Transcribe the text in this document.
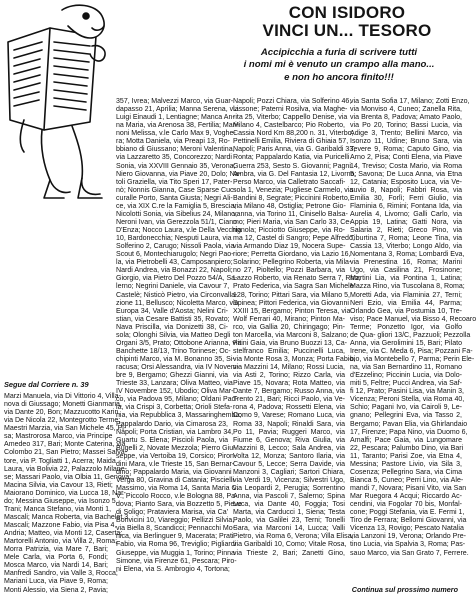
CON ISIDORO
VINCI UN... TESORO

Accipicchia a furia di scrivere tutti
i nomi mi è venuto un crampo alla mano...
e non ho ancora finito!!!

Segue dal Corriere n. 39

Marzi Manuela, via Di Vittorio 4, Villa-
nova di Giussago; Monetti Gianmaria,
via Dante 20, Bon; Mazzucotto Karin,
via De Nicola 22, Montegrotto Terme;
Maestri Marzia, via San Michele 45, Pi-
sa; Mastrorosa Marco, via Principe
Amedeo 317, Bari; Monte Caterina, via
Colombo 21, San Pietro; Massei Salva-
tore, via P. Togliatti 1, Acerra; Maida
Laura, via Bolivia 22, Palazzolo Milane-
se; Massari Paolo, via Olbia 11, Genova;
Macina Silvia, via Cavour 13, Rieti;
Maiorano Dominico, via Lucca 18, Nar-
do; Messina Giuseppe, via Isonzo 5,
Trani; Manca Stefano, via Monti 1,
Mascali; Manca Roberta, via Bachelet 3,
Mascali; Mazzone Fabio, via Pisa 4,
Andria; Matteo, via Monti 12, Caserta;
Martorelli Antonio, via Villa 2, Roma;
Morra Patrizia, via Mare 7, Bari;
Mele Carla, via Porta 6, Fondi;
Mosca Marco, via Nardi 14, Bari;
Manfredi Sandro, via Valle 3, Rocca;
Mariani Luca, via Piave 9, Roma;
Monti Alessio, via Siena 2, Pavia;
357, Ivrea; Malvezzi Marco, via Guar-
dapasso 21, Aprilia; Manna Serena, via
Luigi Einaudi 1, Lentiagne; Manca An-
na Maria, via Arenosa 38, Fertilia; Mari-
noni Melissa, v.le Carlo Max 9, Voghe-
ra; Motta Daniela, via Preapi 13, Ro-
bbiano di Giussano; Meroni Valentina,
via Lazzaretto 35, Concorezzo; Nardi
Sonia, via XXVIII Gennaio 35, Verona;
Niero Giovanna, via Piave 20, Dolo; Na-
toli Graziella, via Tito Speri 17, Pater-
nò; Nonnis Gianna, Case Sparse Cuc-
curalle Porto, Santa Giusta; Negri Ali-
ce, via XIX C.re la Famiglia 5, Brescia;
Nicolotti Sonia, via Sibelius 24, Milano;
Neroni Ivan, via Gerezzola 51/1, Ciano
D'Enza; Nocco Laura, v.le Della Vecchia
10, Bardonecchia; Nesputi Laura, via
Solferino 2, Carugo; Nissoli Paola, via
Scout 6, Montechiarugolo; Negri Pao-
la, via Pietrobelli 43, Camposanpiero;
Nardi Andrea, via Bonazzi 22, Napoli;
Giorgio, via Pietro Del Pozzo 54/A, Sa-
lerno; Negrini Daniele, via Cavour 7,
Castelè; Nisticò Pietro, via Circonvalla-
zione 11, Bellusco; Nicoletta Marco, via
Europa 34, Valle d'Aosta; Nelini Cri-
stian, via Cesare Battisti 35, Rovato;
Nava Priscilla, via Donizetti 38, Ci-
sola; Olonghi Silvia, via Matteo Degli
Organi 3/5, Prato; Ottobone Arianna, via
Banchette 18/13, Trino Torinese; Oc-
chipinti Marco, via M. Bonanno 35, Si-
racusa; Orsi Alessandra, via IV Novem-
bre 9, Bergamo; Ghezzi Gianni, via
Trieste 33, Lanzara; Oliva Matteo, via
IV Novembre 152, Ubodio; Oliva Mar-
co, via Padova 95, Milano; Oldani Pao-
la, via Crispi 3, Corbetta; Orioli Stefa-
nia, via Repubblica 3, Massaringhemba;
Pappalardo Dario, via Cimarosa 23,
Napoli; Porta Cristian, via Lambro 34,
Guartu S. Elena; Piscioli Paola, via
Bugelli 2, Novate Mezzola; Pierro Giu-
seppe, via Vertoiba 19, Corsico; Piron-
dini Mara, v.le Trieste 15, San Bernar-
dino; Pappalardo Maria, via Giovanni
Verga 80, Gravina di Catania; Piscielli
Massimo, via Roma 14, Santa Maria C.
V.; Piccolo Rocco, v.le Bologna 88, Pa-
dova; Pianto Sara, via Bozzetto 5, Pieve
di Soligo; Prataviera Marisa, via Ca'
Bonvicini 10, Viareggio; Pellizzi Silvia,
via Biella 8, Scandicci; Pennacchi Mo-
nica, via Berlinguer 9, Macerata; Prati
Fabio, via Roma 96, Treviglio; Pigliardi
Giuseppe, via Muggia 1, Torino; Pinna
Simone, via Firenze 61, Pescara; Piro-
ni Elena, via S. Ambrogio 4, Tortona;
Napoli; Pozzi Chiara, via Solferino 46,
Lissone; Paterni Rosilva, via Maghe-
rita 25, Viterbo; Cappello Denise, via
Milano 4, Castelbarco; Pio Roberto,
Cassia Nord Km 88,200 n. 31, Viterbo;
Pettinelli Emilia, Riviera di Ghiaia 57,
Napoli; Paris Anna, via G. Garibaldi 33,
Ronta; Pappalardo Katia, via Puricelli
Guerra 253, Sesto S. Giovanni; Pagni
Ambra, via G. Del Fantasia 12, Livorno;
Perso Marco, via Calletrato Saccafi-
sola 1, Venezia; Pugliese Carmelo, via
Bandini 8, Segrate; Piccinini Roberto,
via Milano 48, Ostiglia; Petrone Gio-
vanna, via Torino 11, Cinisello Balsa-
mo; Pieri Maria, via San Carlo 33, Ce-
rignola; Picciotto Giuseppe, via Ro-
ma 12, Castel di Sangro; Pepe Alfredo,
via Armando Diaz 19, Nocera Supe-
riore; Perretta Giordano, via Lazio 16,
Solarino; Pellegrino Roberta, via Mila-
no 27, Pioltello; Pozzi Barbara, via
Lazzo Roberto, via Renato Serra 7, Rho;
Prato Federica, via Sagra San Michele
128, Torino; Pittari Sara, via Milano 5,
Spinea; Pittori Federica, via Giovanni
XXIII 15, Bergamo; Pinton Teresa, via
Wolf Ferrari 40, Mirano; Pinton Ma-
rco, via Gallia 20, Chiringago; Pin-
ton Marcella, via Marconi 8, Salzano;
Pitini Gaia, via Bruno Buozzi 13, Ca-
stelfranco Emilia; Puccinelli Luca,
via Monte Rosa 3, Monza; Porta Fabio,
via Mazzini 14, Milano; Rossi Lucia,
via Asti 2, Torino; Rizzo Carla, via
Piave 15, Novara; Rota Matteo, via
Dante 7, Bergamo; Russo Anna, via
Trento 21, Bari; Ricci Paolo, via Ve-
rona 4, Padova; Rossetti Elena, via
Como 9, Varese; Romano Luca, via
Roma 33, Napoli; Rinaldi Sara, via
Po 11, Pavia; Ruggeri Marco, via
Fiume 6, Genova; Riva Giulia, via
Mazzini 8, Lecco; Sala Andrea, via
Volta 12, Monza; Santoro Ilaria, via
Cavour 5, Lecce; Serra Davide, via
Manzoni 3, Cagliari; Sartori Chiara,
via Verdi 19, Vicenza; Silvestri Ugo,
via Leopardi 2, Perugia; Sorrentino
Anna, via Pascoli 7, Salerno; Spina
Luca, via Dante 40, Foggia; Tosi
Marta, via Carducci 1, Siena; Testa
Paolo, via Galilei 23, Terni; Tonelli
Sara, via Marconi 14, Lucca; Valli
Pietro, via Roma 6, Verona; Villa Elisa,
via Garibaldi 10, Como; Vitale Rosa,
via Trieste 2, Bari; Zanetti Gino,
via Santa Sofia 17, Milano; Zotti Enzo,
via Monviso 4, Cuneo; Zanella Rita,
via Brenta 8, Padova; Amato Paolo,
via Po 20, Torino; Bassi Lucia, via
Adige 3, Trento; Bellini Marco, via
Isonzo 11, Udine; Bruno Sara, via
Tevere 9, Roma; Caputo Gino, via
Arno 2, Pisa; Conti Elena, via Piave
14, Treviso; Costa Mario, via Roma
5, Savona; De Luca Anna, via Etna
12, Catania; Esposito Luca, via Ve-
suvio 8, Napoli; Fabbri Rosa, via
Emilia 30, Forlì; Ferri Giulio, via
Flaminia 6, Rimini; Fontana Ida, via
Aurelia 4, Livorno; Galli Carlo, via
Appia 19, Latina; Gatti Nora, via
Salaria 2, Rieti; Greco Pino, via
Tiburtina 7, Roma; Leone Tina, via
Cassia 13, Viterbo; Longo Aldo, via
Nomentana 3, Roma; Lombardi Eva,
via Prenestina 16, Roma; Marini
Ugo, via Casilina 21, Frosinone;
Martini Lia, via Pontina 1, Latina;
Mazza Rino, via Tuscolana 8, Roma;
Moretti Ada, via Flaminia 27, Terni;
Neri Ezio, via Emilia 44, Parma;
Orlando Gea, via Postumia 10, Tre-
viso; Pace Manuel, via Bisso 4, Recoaro
Terme; Ponzetto Igor, via Golfo
de Qua- gliori 13/C, Pazzuoli; Pezzolla
Anna, via Gerolimini 15, Bari; Pilato
Irene, via C. Meda 6, Pisa; Pozzani Fa-
bio, via Montebello 7, Parma; Perin Ele-
na, via San Bernardino 11, Romano
d'Ezzelino; Piccinin Lucia, via Dolo-
miti 5, Feltre; Pucci Andrea, via Saf-
fi 12, Prato; Pasini Lisa, via Manin 3,
Vicenza; Peroni Stella, via Roma 40,
Schio; Pagani Ivo, via Cairoli 9, Le-
gnano; Pellegrini Eva, via Tasso 2,
Bergamo; Pavan Elia, via Ghirlandaio
17, Firenze; Papa Nino, via Duomo 6,
Amalfi; Pace Gaia, via Lungomare
22, Pescara; Palumbo Dino, via Bari
11, Taranto; Parisi Zoe, via Etna 4,
Messina; Pastore Livio, via Sila 3,
Cosenza; Pellegrino Sara, via Cima
Bianca 5, Cuneo; Perri Lino, via Ale-
mandi 7, Novara; Pisani Vito, via San
Mar Ruegora 4 Acqui; Riccardo Ac-
cendini, via Fogolar 70 bis, Monfal-
cone; Poggi Stefania, via E. Fermi 1,
Tiro de Ferrara; Bellomi Giovanni, via
Vicenza 13, Rovigo; Pescato Natalia
via Lanzoni 19, Verona; Orlando Pre-
tino Lucia, via Spalvia 3, Roma; Pas-
sauo Marco, via San Grato 7, Ferrere.

Continua sul prossimo numero
